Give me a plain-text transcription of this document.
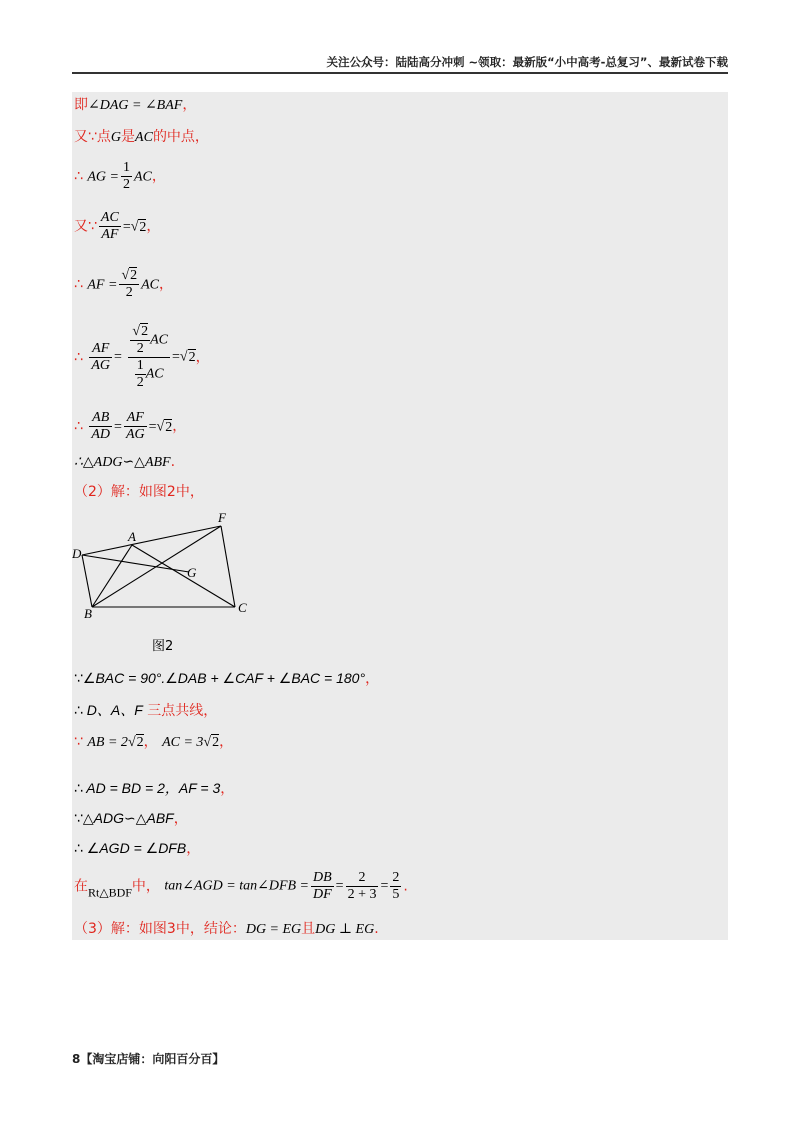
关注公众号：陆陆高分冲刺 ~领取：最新版“小中高考-总复习”、最新试卷下载
即∠DAG = ∠BAF，
又∵点G是AC的中点，
∴ AG = $\frac{1}{2}$ AC，
又∵ $\frac{AC}{AF} =√2$，
∴ AF = $\frac{√2}{2}$ AC，
∴ $\frac{AF}{AG} = \frac{\frac{√2}{2} AC}{\frac{1}{2} AC} =√2$，
∴ $\frac{AB}{AD} = \frac{AF}{AG} =√2$，
∴△ADG∽△ABF.
（2）解：如图2中，
∵∠BAC = 90°.∠DAB + ∠CAF + ∠BAC = 180°，
∴ D、A、F 三点共线，
∵ AB = 2√2， AC = 3√2，
∴ AD = BD = 2，AF = 3，
∵△ADG∽△ABF，
∴ ∠AGD = ∠DFB，
在Rt△BDF中， tan∠AGD = tan∠DFB = $\frac{DB}{DF} = \frac{2}{2 + 3} = \frac{2}{5}$ .
（3）解：如图3中，结论：DG = EG且DG ⊥ EG.
D
A
F
G
B	C
图2
8【淘宝店铺：向阳百分百】
